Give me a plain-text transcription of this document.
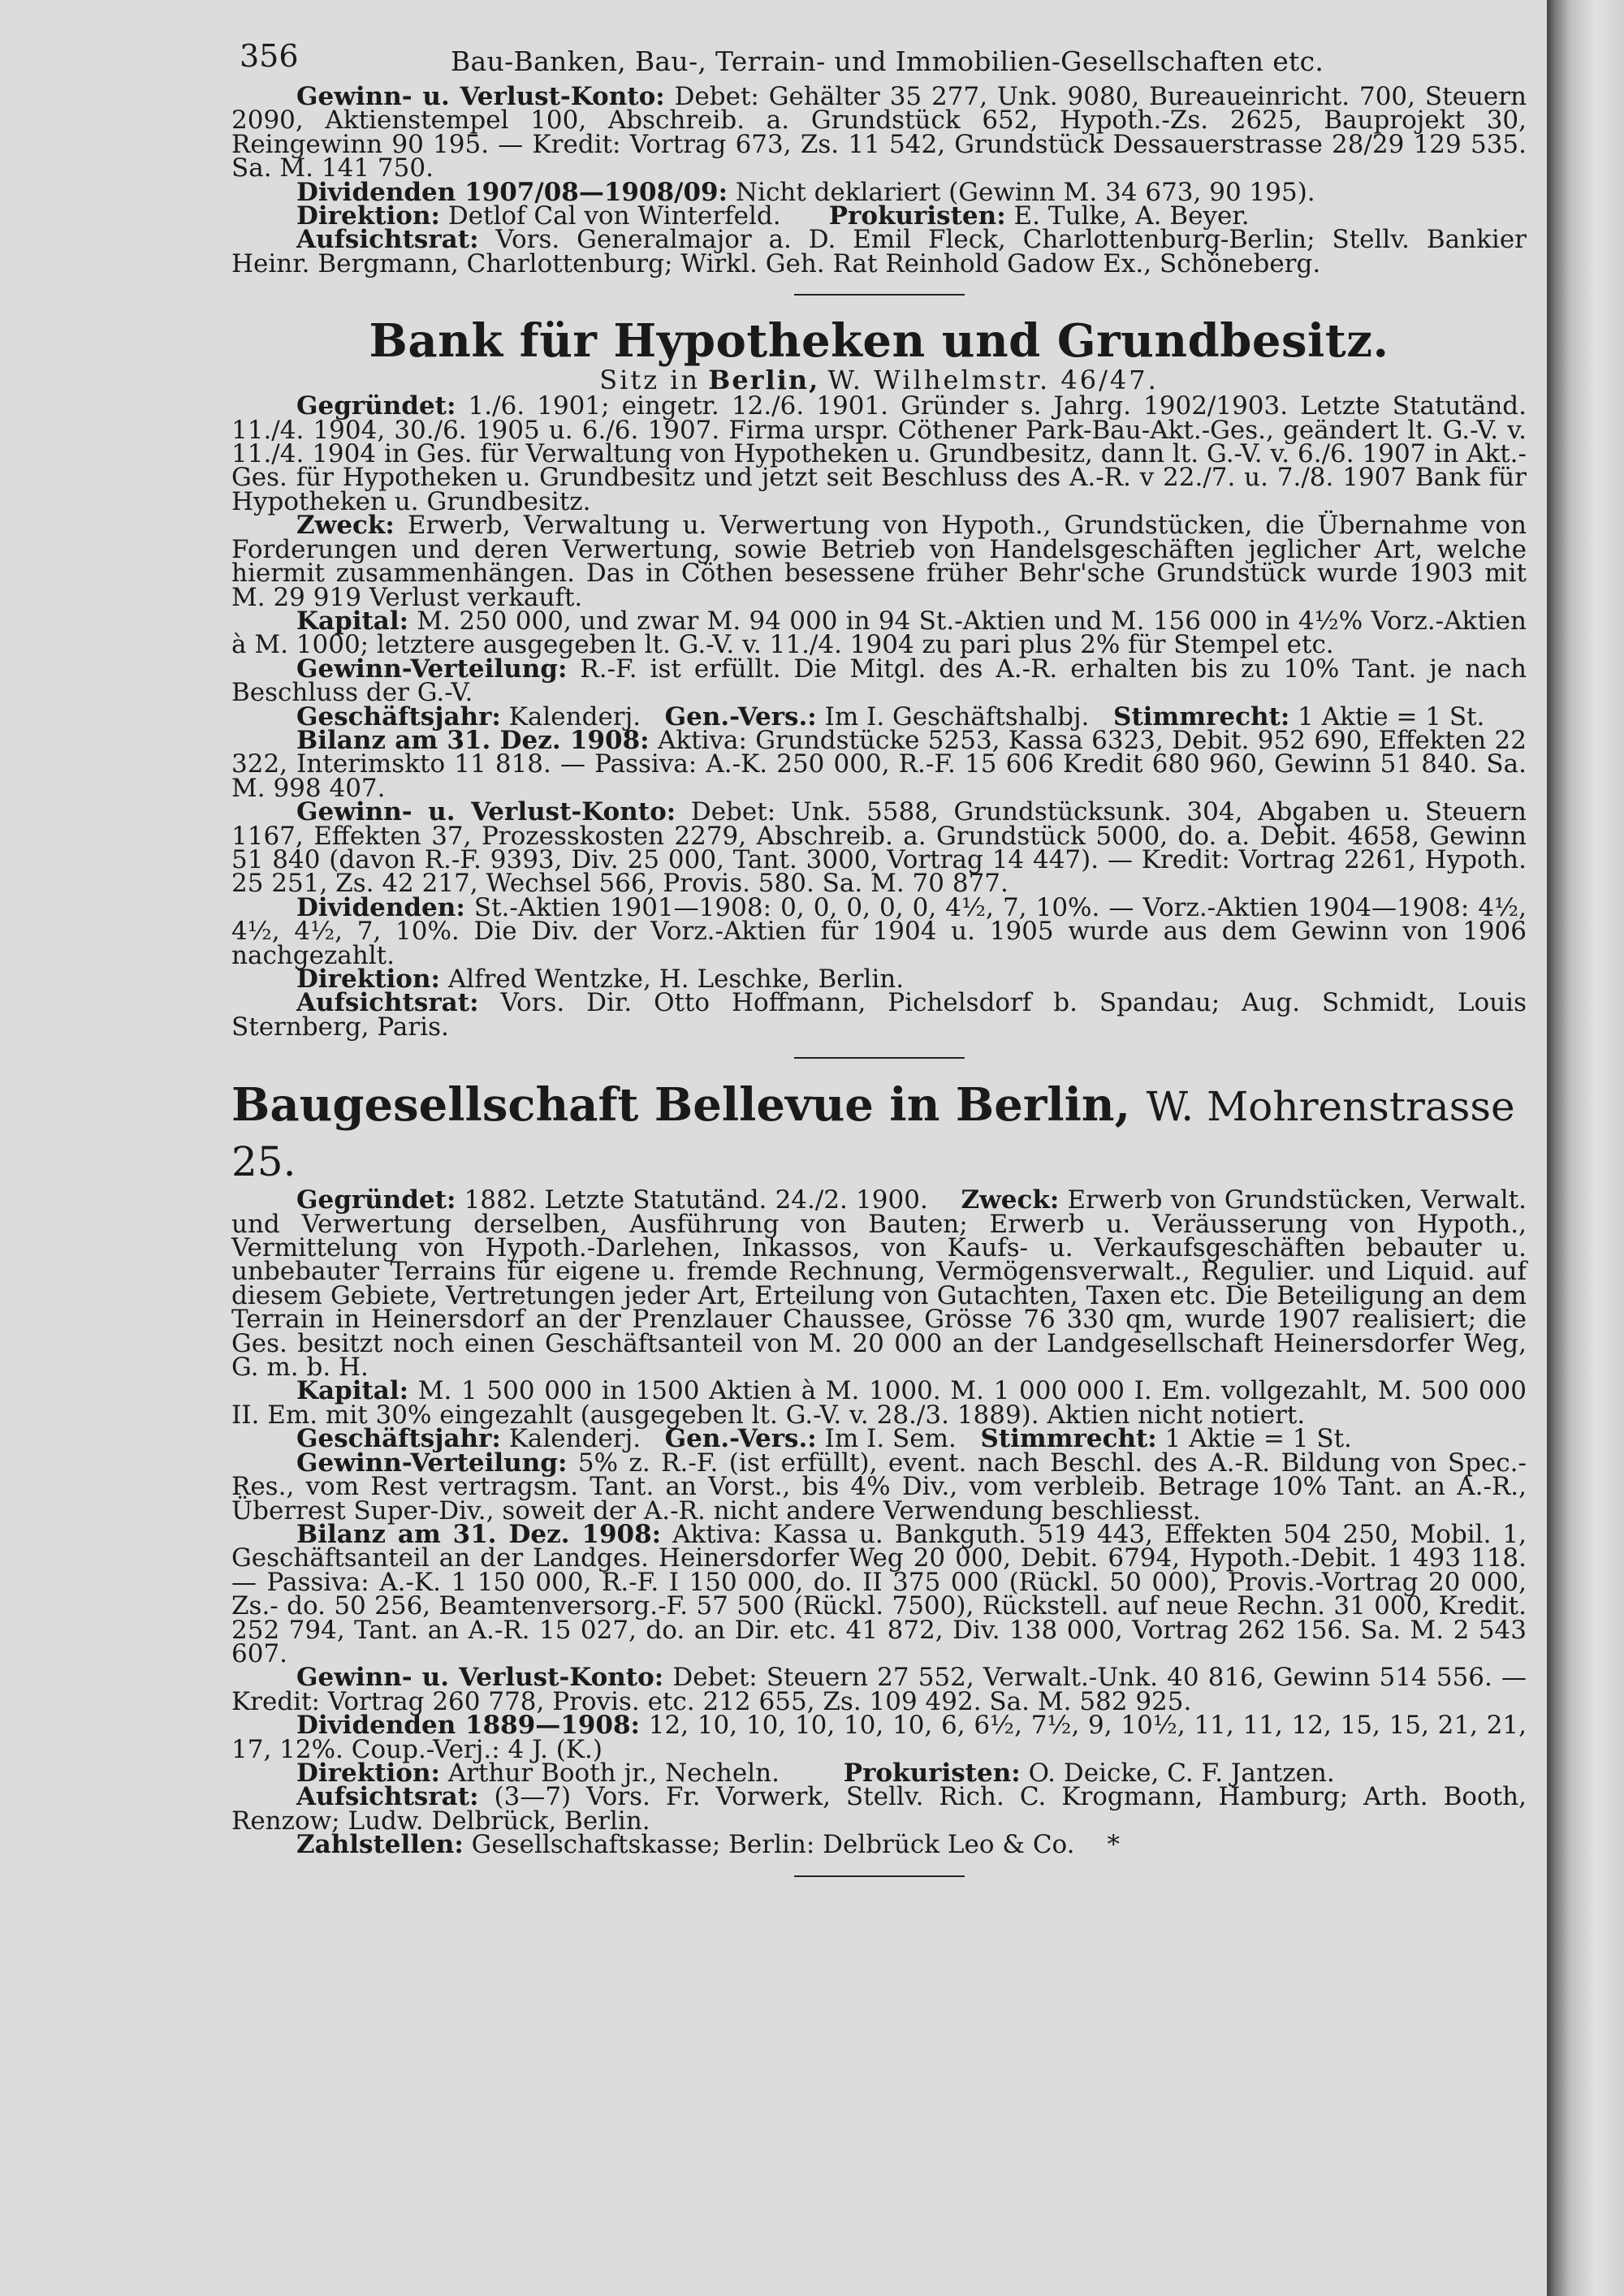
356	Bau-Banken, Bau-, Terrain- und Immobilien-Gesellschaften etc.

Gewinn- u. Verlust-Konto: Debet: Gehälter 35 277, Unk. 9080, Bureaueinricht. 700, Steuern 2090, Aktienstempel 100, Abschreib. a. Grundstück 652, Hypoth.-Zs. 2625, Bauprojekt 30, Reingewinn 90 195. — Kredit: Vortrag 673, Zs. 11 542, Grundstück Dessauerstrasse 28/29 129 535. Sa. M. 141 750.

Dividenden 1907/08—1908/09: Nicht deklariert (Gewinn M. 34 673, 90 195).

Direktion: Detlof Cal von Winterfeld. Prokuristen: E. Tulke, A. Beyer.

Aufsichtsrat: Vors. Generalmajor a. D. Emil Fleck, Charlottenburg-Berlin; Stellv. Bankier Heinr. Bergmann, Charlottenburg; Wirkl. Geh. Rat Reinhold Gadow Ex., Schöneberg.

Bank für Hypotheken und Grundbesitz.
Sitz in Berlin, W. Wilhelmstr. 46/47.

Gegründet: 1./6. 1901; eingetr. 12./6. 1901. Gründer s. Jahrg. 1902/1903. Letzte Statutänd. 11./4. 1904, 30./6. 1905 u. 6./6. 1907. Firma urspr. Cöthener Park-Bau-Akt.-Ges., geändert lt. G.-V. v. 11./4. 1904 in Ges. für Verwaltung von Hypotheken u. Grundbesitz, dann lt. G.-V. v. 6./6. 1907 in Akt.-Ges. für Hypotheken u. Grundbesitz und jetzt seit Beschluss des A.-R. v 22./7. u. 7./8. 1907 Bank für Hypotheken u. Grundbesitz.

Zweck: Erwerb, Verwaltung u. Verwertung von Hypoth., Grundstücken, die Übernahme von Forderungen und deren Verwertung, sowie Betrieb von Handelsgeschäften jeglicher Art, welche hiermit zusammenhängen. Das in Cöthen besessene früher Behr'sche Grundstück wurde 1903 mit M. 29 919 Verlust verkauft.

Kapital: M. 250 000, und zwar M. 94 000 in 94 St.-Aktien und M. 156 000 in 4½% Vorz.-Aktien à M. 1000; letztere ausgegeben lt. G.-V. v. 11./4. 1904 zu pari plus 2% für Stempel etc.

Gewinn-Verteilung: R.-F. ist erfüllt. Die Mitgl. des A.-R. erhalten bis zu 10% Tant. je nach Beschluss der G.-V.

Geschäftsjahr: Kalenderj. Gen.-Vers.: Im I. Geschäftshalbj. Stimmrecht: 1 Aktie = 1 St.

Bilanz am 31. Dez. 1908: Aktiva: Grundstücke 5253, Kassa 6323, Debit. 952 690, Effekten 22 322, Interimskto 11 818. — Passiva: A.-K. 250 000, R.-F. 15 606 Kredit 680 960, Gewinn 51 840. Sa. M. 998 407.

Gewinn- u. Verlust-Konto: Debet: Unk. 5588, Grundstücksunk. 304, Abgaben u. Steuern 1167, Effekten 37, Prozesskosten 2279, Abschreib. a. Grundstück 5000, do. a. Debit. 4658, Gewinn 51 840 (davon R.-F. 9393, Div. 25 000, Tant. 3000, Vortrag 14 447). — Kredit: Vortrag 2261, Hypoth. 25 251, Zs. 42 217, Wechsel 566, Provis. 580. Sa. M. 70 877.

Dividenden: St.-Aktien 1901—1908: 0, 0, 0, 0, 0, 4½, 7, 10%. — Vorz.-Aktien 1904—1908: 4½, 4½, 4½, 7, 10%. Die Div. der Vorz.-Aktien für 1904 u. 1905 wurde aus dem Gewinn von 1906 nachgezahlt.

Direktion: Alfred Wentzke, H. Leschke, Berlin.

Aufsichtsrat: Vors. Dir. Otto Hoffmann, Pichelsdorf b. Spandau; Aug. Schmidt, Louis Sternberg, Paris.

Baugesellschaft Bellevue in Berlin, W. Mohrenstrasse 25.

Gegründet: 1882. Letzte Statutänd. 24./2. 1900. Zweck: Erwerb von Grundstücken, Verwalt. und Verwertung derselben, Ausführung von Bauten; Erwerb u. Veräusserung von Hypoth., Vermittelung von Hypoth.-Darlehen, Inkassos, von Kaufs- u. Verkaufsgeschäften bebauter u. unbebauter Terrains für eigene u. fremde Rechnung, Vermögensverwalt., Regulier. und Liquid. auf diesem Gebiete, Vertretungen jeder Art, Erteilung von Gutachten, Taxen etc. Die Beteiligung an dem Terrain in Heinersdorf an der Prenzlauer Chaussee, Grösse 76 330 qm, wurde 1907 realisiert; die Ges. besitzt noch einen Geschäftsanteil von M. 20 000 an der Landgesellschaft Heinersdorfer Weg, G. m. b. H.

Kapital: M. 1 500 000 in 1500 Aktien à M. 1000. M. 1 000 000 I. Em. vollgezahlt, M. 500 000 II. Em. mit 30% eingezahlt (ausgegeben lt. G.-V. v. 28./3. 1889). Aktien nicht notiert.

Geschäftsjahr: Kalenderj. Gen.-Vers.: Im I. Sem. Stimmrecht: 1 Aktie = 1 St.

Gewinn-Verteilung: 5% z. R.-F. (ist erfüllt), event. nach Beschl. des A.-R. Bildung von Spec.-Res., vom Rest vertragsm. Tant. an Vorst., bis 4% Div., vom verbleib. Betrage 10% Tant. an A.-R., Überrest Super-Div., soweit der A.-R. nicht andere Verwendung beschliesst.

Bilanz am 31. Dez. 1908: Aktiva: Kassa u. Bankguth. 519 443, Effekten 504 250, Mobil. 1, Geschäftsanteil an der Landges. Heinersdorfer Weg 20 000, Debit. 6794, Hypoth.-Debit. 1 493 118. — Passiva: A.-K. 1 150 000, R.-F. I 150 000, do. II 375 000 (Rückl. 50 000), Provis.-Vortrag 20 000, Zs.- do. 50 256, Beamtenversorg.-F. 57 500 (Rückl. 7500), Rückstell. auf neue Rechn. 31 000, Kredit. 252 794, Tant. an A.-R. 15 027, do. an Dir. etc. 41 872, Div. 138 000, Vortrag 262 156. Sa. M. 2 543 607.

Gewinn- u. Verlust-Konto: Debet: Steuern 27 552, Verwalt.-Unk. 40 816, Gewinn 514 556. — Kredit: Vortrag 260 778, Provis. etc. 212 655, Zs. 109 492. Sa. M. 582 925.

Dividenden 1889—1908: 12, 10, 10, 10, 10, 10, 6, 6½, 7½, 9, 10½, 11, 11, 12, 15, 15, 21, 21, 17, 12%. Coup.-Verj.: 4 J. (K.)

Direktion: Arthur Booth jr., Necheln.	Prokuristen: O. Deicke, C. F. Jantzen.

Aufsichtsrat: (3—7) Vors. Fr. Vorwerk, Stellv. Rich. C. Krogmann, Hamburg; Arth. Booth, Renzow; Ludw. Delbrück, Berlin.

Zahlstellen: Gesellschaftskasse; Berlin: Delbrück Leo & Co. *
